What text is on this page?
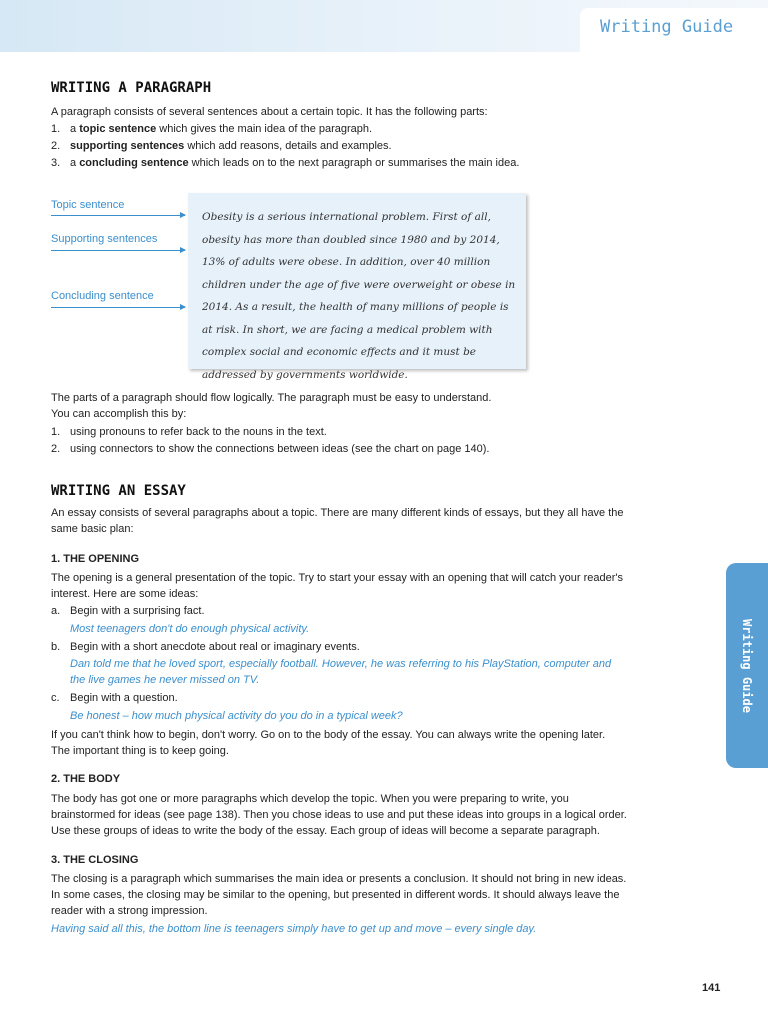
Writing Guide
WRITING A PARAGRAPH

A paragraph consists of several sentences about a certain topic. It has the following parts:

1. a topic sentence which gives the main idea of the paragraph.

2. supporting sentences which add reasons, details and examples.

3. a concluding sentence which leads on to the next paragraph or summarises the main idea.

Topic sentence
Supporting sentences
Concluding sentence

Obesity is a serious international problem. First of all, obesity has more than doubled since 1980 and by 2014, 13% of adults were obese. In addition, over 40 million children under the age of five were overweight or obese in 2014. As a result, the health of many millions of people is at risk. In short, we are facing a medical problem with complex social and economic effects and it must be addressed by governments worldwide.

The parts of a paragraph should flow logically. The paragraph must be easy to understand.

You can accomplish this by:

1. using pronouns to refer back to the nouns in the text.

2. using connectors to show the connections between ideas (see the chart on page 140).

WRITING AN ESSAY

An essay consists of several paragraphs about a topic. There are many different kinds of essays, but they all have the

same basic plan:

1. THE OPENING

The opening is a general presentation of the topic. Try to start your essay with an opening that will catch your reader's

interest. Here are some ideas:

a. Begin with a surprising fact.

Most teenagers don't do enough physical activity.

b. Begin with a short anecdote about real or imaginary events.

Dan told me that he loved sport, especially football. However, he was referring to his PlayStation, computer and

the live games he never missed on TV.

c. Begin with a question.

Be honest – how much physical activity do you do in a typical week?

If you can't think how to begin, don't worry. Go on to the body of the essay. You can always write the opening later.

The important thing is to keep going.

2. THE BODY

The body has got one or more paragraphs which develop the topic. When you were preparing to write, you

brainstormed for ideas (see page 138). Then you chose ideas to use and put these ideas into groups in a logical order.

Use these groups of ideas to write the body of the essay. Each group of ideas will become a separate paragraph.

3. THE CLOSING

The closing is a paragraph which summarises the main idea or presents a conclusion. It should not bring in new ideas.

In some cases, the closing may be similar to the opening, but presented in different words. It should always leave the

reader with a strong impression.

Having said all this, the bottom line is teenagers simply have to get up and move – every single day.

Writing Guide
141
